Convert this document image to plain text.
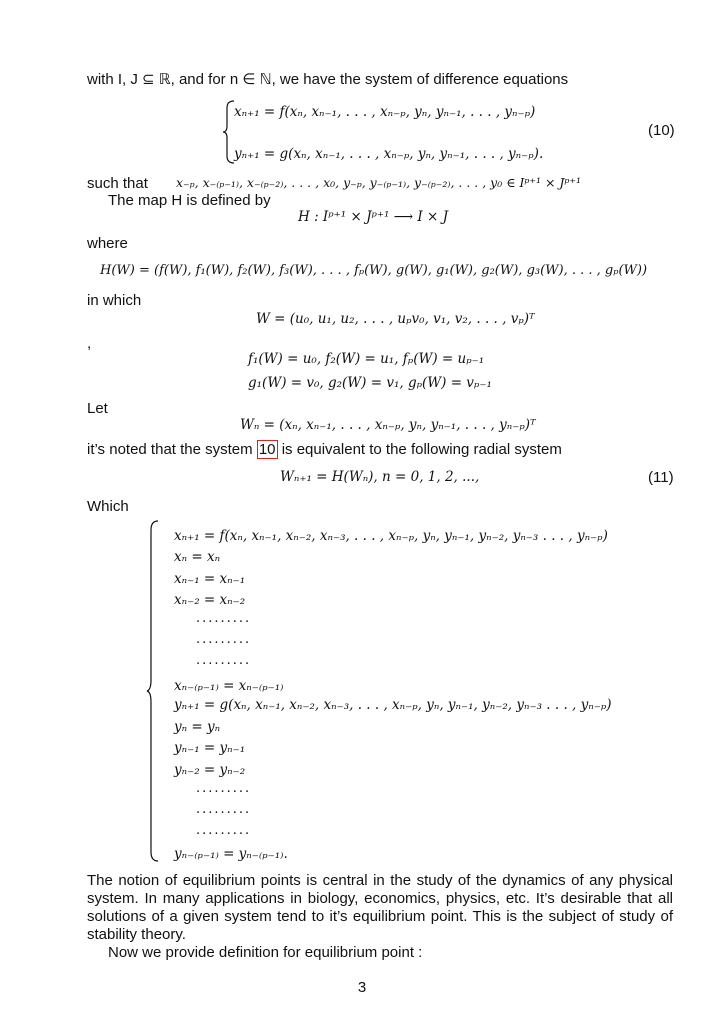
with I, J ⊆ ℝ, and for n ∈ ℕ, we have the system of difference equations
xₙ₊₁ = f(xₙ, xₙ₋₁, . . . , xₙ₋ₚ, yₙ, yₙ₋₁, . . . , yₙ₋ₚ)
yₙ₊₁ = g(xₙ, xₙ₋₁, . . . , xₙ₋ₚ, yₙ, yₙ₋₁, . . . , yₙ₋ₚ).
(10)
such that x₋ₚ, x₋₍ₚ₋₁₎, x₋₍ₚ₋₂₎, . . . , x₀, y₋ₚ, y₋₍ₚ₋₁₎, y₋₍ₚ₋₂₎, . . . , y₀ ∈ Iᵖ⁺¹ × Jᵖ⁺¹
The map H is defined by
H : Iᵖ⁺¹ × Jᵖ⁺¹ ⟶ I × J
where
H(W) = (f(W), f₁(W), f₂(W), f₃(W), . . . , fₚ(W), g(W), g₁(W), g₂(W), g₃(W), . . . , gₚ(W))
in which
W = (u₀, u₁, u₂, . . . , uₚv₀, v₁, v₂, . . . , vₚ)ᵀ
,
f₁(W) = u₀, f₂(W) = u₁, fₚ(W) = uₚ₋₁
g₁(W) = v₀, g₂(W) = v₁, gₚ(W) = vₚ₋₁
Let
Wₙ = (xₙ, xₙ₋₁, . . . , xₙ₋ₚ, yₙ, yₙ₋₁, . . . , yₙ₋ₚ)ᵀ
it’s noted that the system 10 is equivalent to the following radial system
Wₙ₊₁ = H(Wₙ), n = 0, 1, 2, ...,	(11)
Which
xₙ₊₁ = f(xₙ, xₙ₋₁, xₙ₋₂, xₙ₋₃, . . . , xₙ₋ₚ, yₙ, yₙ₋₁, yₙ₋₂, yₙ₋₃ . . . , yₙ₋ₚ)
xₙ = xₙ
xₙ₋₁ = xₙ₋₁
xₙ₋₂ = xₙ₋₂
.........
.........
.........
xₙ₋₍ₚ₋₁₎ = xₙ₋₍ₚ₋₁₎
yₙ₊₁ = g(xₙ, xₙ₋₁, xₙ₋₂, xₙ₋₃, . . . , xₙ₋ₚ, yₙ, yₙ₋₁, yₙ₋₂, yₙ₋₃ . . . , yₙ₋ₚ)
yₙ = yₙ
yₙ₋₁ = yₙ₋₁
yₙ₋₂ = yₙ₋₂
.........
.........
.........
yₙ₋₍ₚ₋₁₎ = yₙ₋₍ₚ₋₁₎.
The notion of equilibrium points is central in the study of the dynamics of any physical system. In many applications in biology, economics, physics, etc. It’s desirable that all solutions of a given system tend to it’s equilibrium point. This is the subject of study of stability theory.
Now we provide definition for equilibrium point :
3
